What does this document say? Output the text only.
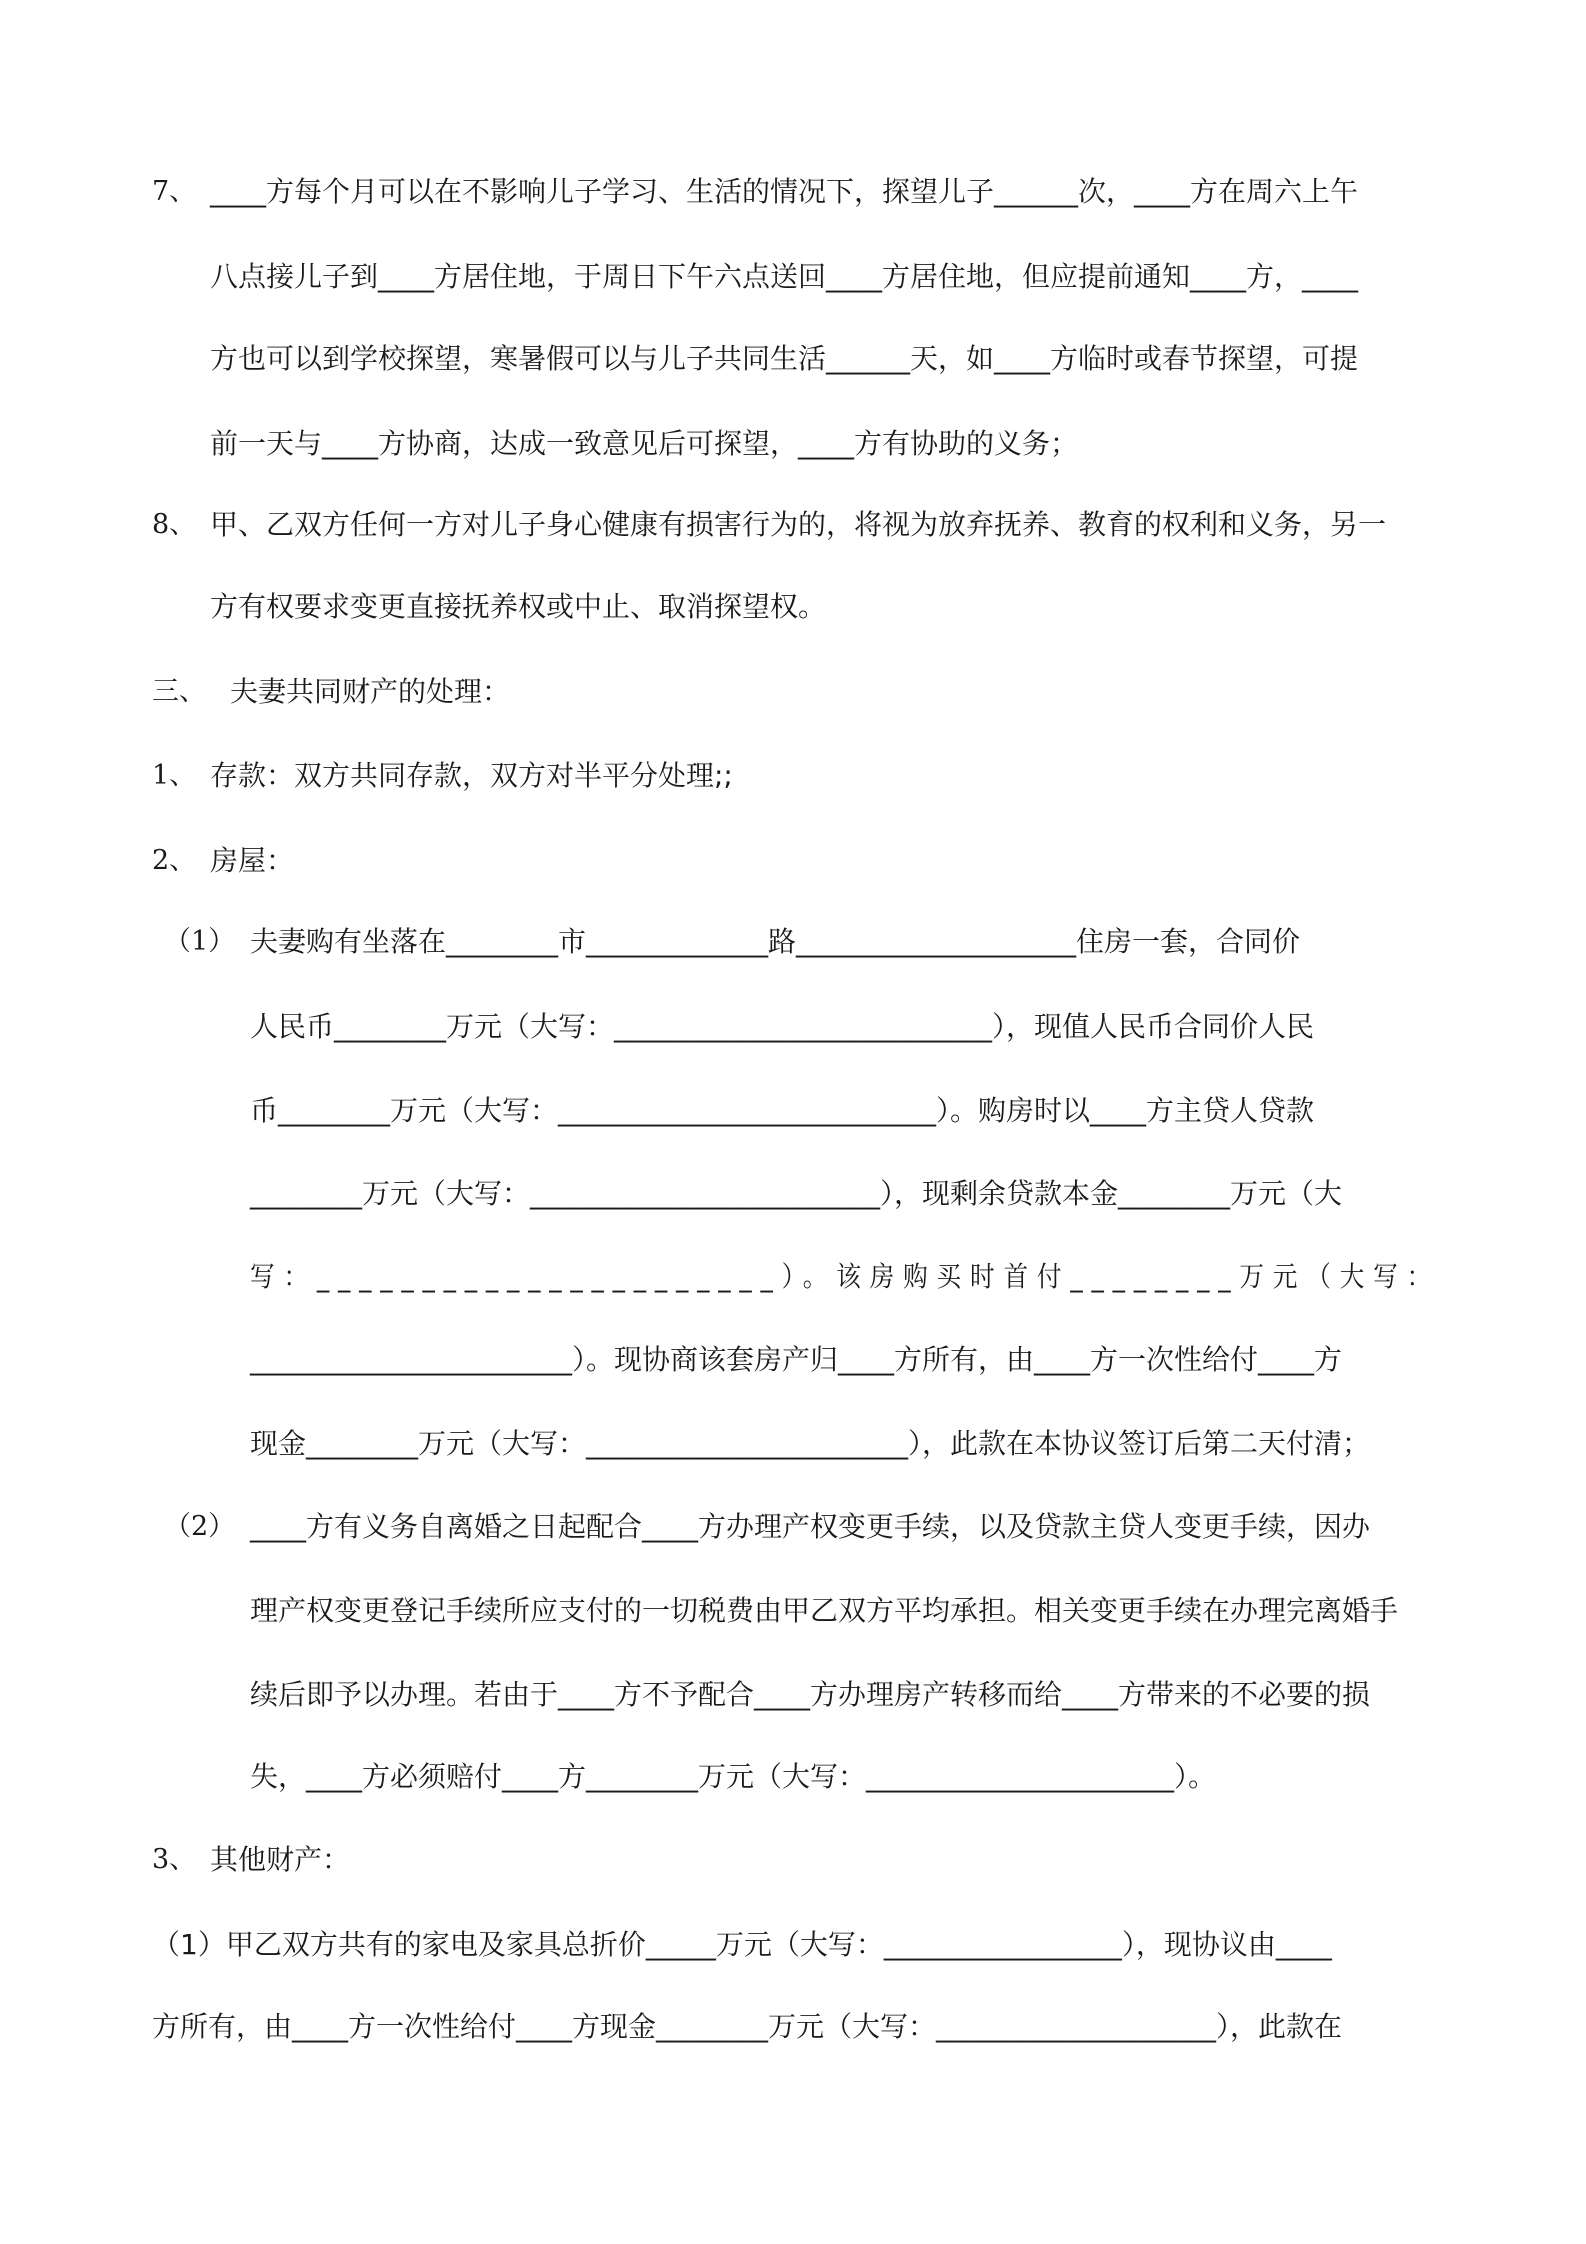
7、 ____方每个月可以在不影响儿子学习、生活的情况下，探望儿子______次，____方在周六上午
八点接儿子到____方居住地，于周日下午六点送回____方居住地，但应提前通知____方，____
方也可以到学校探望，寒暑假可以与儿子共同生活______天，如____方临时或春节探望，可提
前一天与____方协商，达成一致意见后可探望，____方有协助的义务；
8、 甲、乙双方任何一方对儿子身心健康有损害行为的，将视为放弃抚养、教育的权利和义务，另一
方有权要求变更直接抚养权或中止、取消探望权。
三、 夫妻共同财产的处理：
1、 存款：双方共同存款，双方对半平分处理;;
2、 房屋：
（1） 夫妻购有坐落在________市_____________路____________________住房一套，合同价
人民币________万元（大写：___________________________），现值人民币合同价人民
币________万元（大写：___________________________）。购房时以____方主贷人贷款
________万元（大写：_________________________），现剩余贷款本金________万元（大
写：______________________）。该房购买时首付________万元（大写：
_______________________）。现协商该套房产归____方所有，由____方一次性给付____方
现金________万元（大写：_______________________），此款在本协议签订后第二天付清；
（2） ____方有义务自离婚之日起配合____方办理产权变更手续，以及贷款主贷人变更手续，因办
理产权变更登记手续所应支付的一切税费由甲乙双方平均承担。相关变更手续在办理完离婚手
续后即予以办理。若由于____方不予配合____方办理房产转移而给____方带来的不必要的损
失，____方必须赔付____方________万元（大写：______________________）。
3、 其他财产：
（1）甲乙双方共有的家电及家具总折价_____万元（大写：_________________），现协议由____
方所有，由____方一次性给付____方现金________万元（大写：____________________），此款在
